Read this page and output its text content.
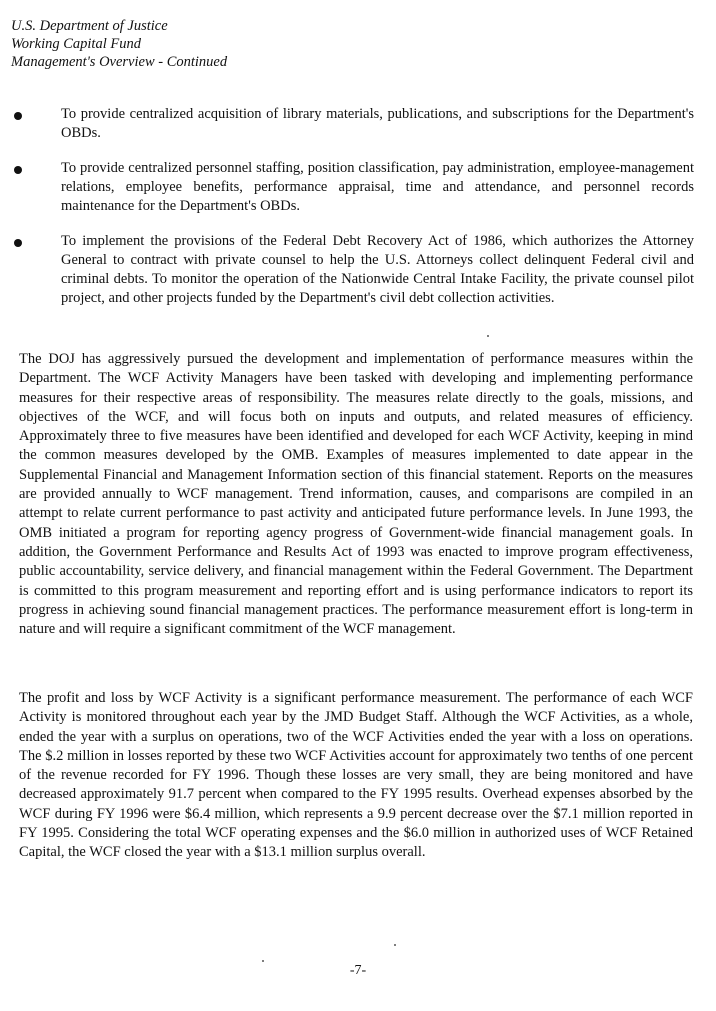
U.S. Department of Justice
Working Capital Fund
Management's Overview - Continued
To provide centralized acquisition of library materials, publications, and subscriptions for the Department's OBDs.
To provide centralized personnel staffing, position classification, pay administration, employee-management relations, employee benefits, performance appraisal, time and attendance, and personnel records maintenance for the Department's OBDs.
To implement the provisions of the Federal Debt Recovery Act of 1986, which authorizes the Attorney General to contract with private counsel to help the U.S. Attorneys collect delinquent Federal civil and criminal debts. To monitor the operation of the Nationwide Central Intake Facility, the private counsel pilot project, and other projects funded by the Department's civil debt collection activities.

The DOJ has aggressively pursued the development and implementation of performance measures within the Department. The WCF Activity Managers have been tasked with developing and implementing performance measures for their respective areas of responsibility. The measures relate directly to the goals, missions, and objectives of the WCF, and will focus both on inputs and outputs, and related measures of efficiency. Approximately three to five measures have been identified and developed for each WCF Activity, keeping in mind the common measures developed by the OMB. Examples of measures implemented to date appear in the Supplemental Financial and Management Information section of this financial statement. Reports on the measures are provided annually to WCF management. Trend information, causes, and comparisons are compiled in an attempt to relate current performance to past activity and anticipated future performance levels. In June 1993, the OMB initiated a program for reporting agency progress of Government-wide financial management goals. In addition, the Government Performance and Results Act of 1993 was enacted to improve program effectiveness, public accountability, service delivery, and financial management within the Federal Government. The Department is committed to this program measurement and reporting effort and is using performance indicators to report its progress in achieving sound financial management practices. The performance measurement effort is long-term in nature and will require a significant commitment of the WCF management.

The profit and loss by WCF Activity is a significant performance measurement. The performance of each WCF Activity is monitored throughout each year by the JMD Budget Staff. Although the WCF Activities, as a whole, ended the year with a surplus on operations, two of the WCF Activities ended the year with a loss on operations. The $.2 million in losses reported by these two WCF Activities account for approximately two tenths of one percent of the revenue recorded for FY 1996. Though these losses are very small, they are being monitored and have decreased approximately 91.7 percent when compared to the FY 1995 results. Overhead expenses absorbed by the WCF during FY 1996 were $6.4 million, which represents a 9.9 percent decrease over the $7.1 million reported in FY 1995. Considering the total WCF operating expenses and the $6.0 million in authorized uses of WCF Retained Capital, the WCF closed the year with a $13.1 million surplus overall.

-7-
